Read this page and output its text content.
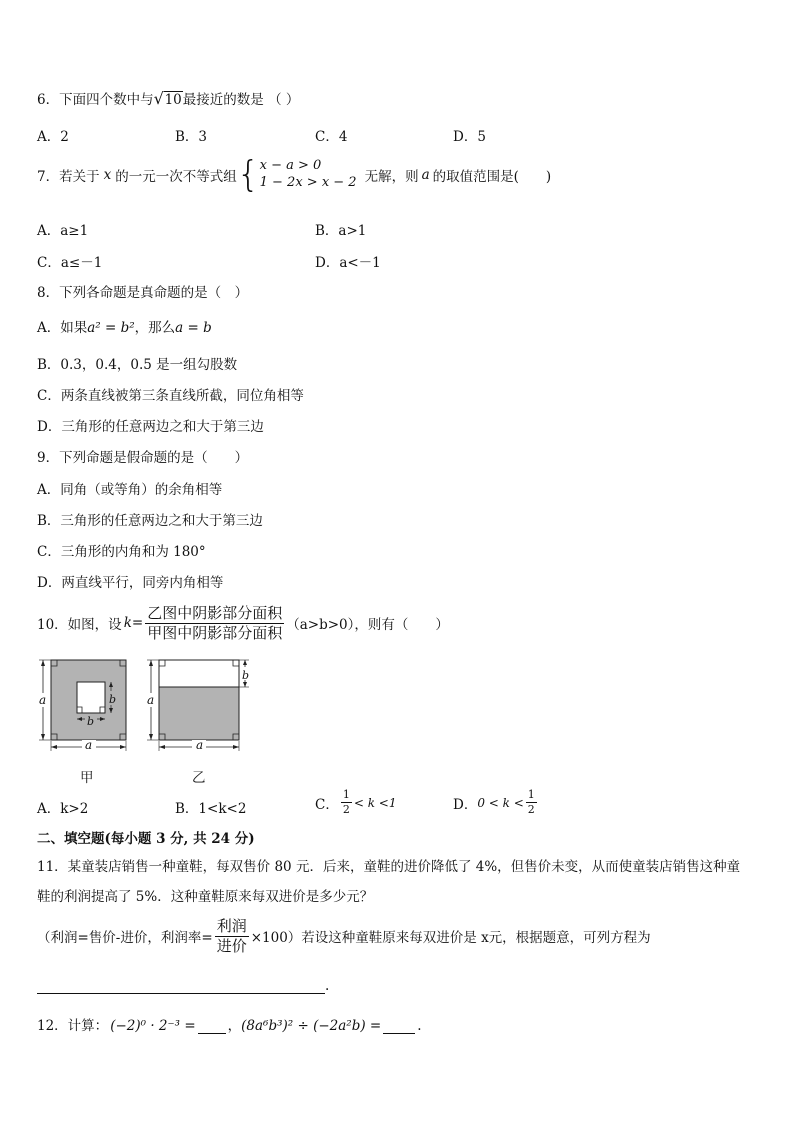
6．下面四个数中与 √ 10最接近的数是 （ ）
A．2	B．3	C．4	D．5
7．若关于 x 的一元一次不等式组 { x − a > 0
1 − 2x > x − 2 无解，则 a 的取值范围是(　　)
A．a≥1	B．a>1
C．a≤－1	D．a<－1
8．下列各命题是真命题的是（　）
A．如果a² = b²，那么a = b
B．0.3，0.4，0.5 是一组勾股数
C．两条直线被第三条直线所截，同位角相等
D．三角形的任意两边之和大于第三边
9．下列命题是假命题的是（　　）
A．同角（或等角）的余角相等
B．三角形的任意两边之和大于第三边
C．三角形的内角和为 180°
D．两直线平行，同旁内角相等
10．如图，设 $k= \frac{\text{乙图中阴影部分面积}}{\text{甲图中阴影部分面积}} (a>b>0)$，则有（　　）
a
a
b
b
a
a
b
甲	乙
A．k>2	B．1<k<2	C． $\frac{1}{2} < k <1$	D． $0 < k < \frac{1}{2}$
二、填空题(每小题 3 分, 共 24 分)
11．某童装店销售一种童鞋，每双售价 80 元．后来，童鞋的进价降低了 4%，但售价未变，从而使童装店销售这种童
鞋的利润提高了 5%．这种童鞋原来每双进价是多少元？
（利润=售价-进价，利润率= $\frac{\text{利润}}{\text{进价}} \times 100$）若设这种童鞋原来每双进价是 x元，根据题意，可列方程为
.
12．计算： (−2)⁰ · 2⁻³ = ， (8a⁶b³)² ÷ (−2a²b) =	.
